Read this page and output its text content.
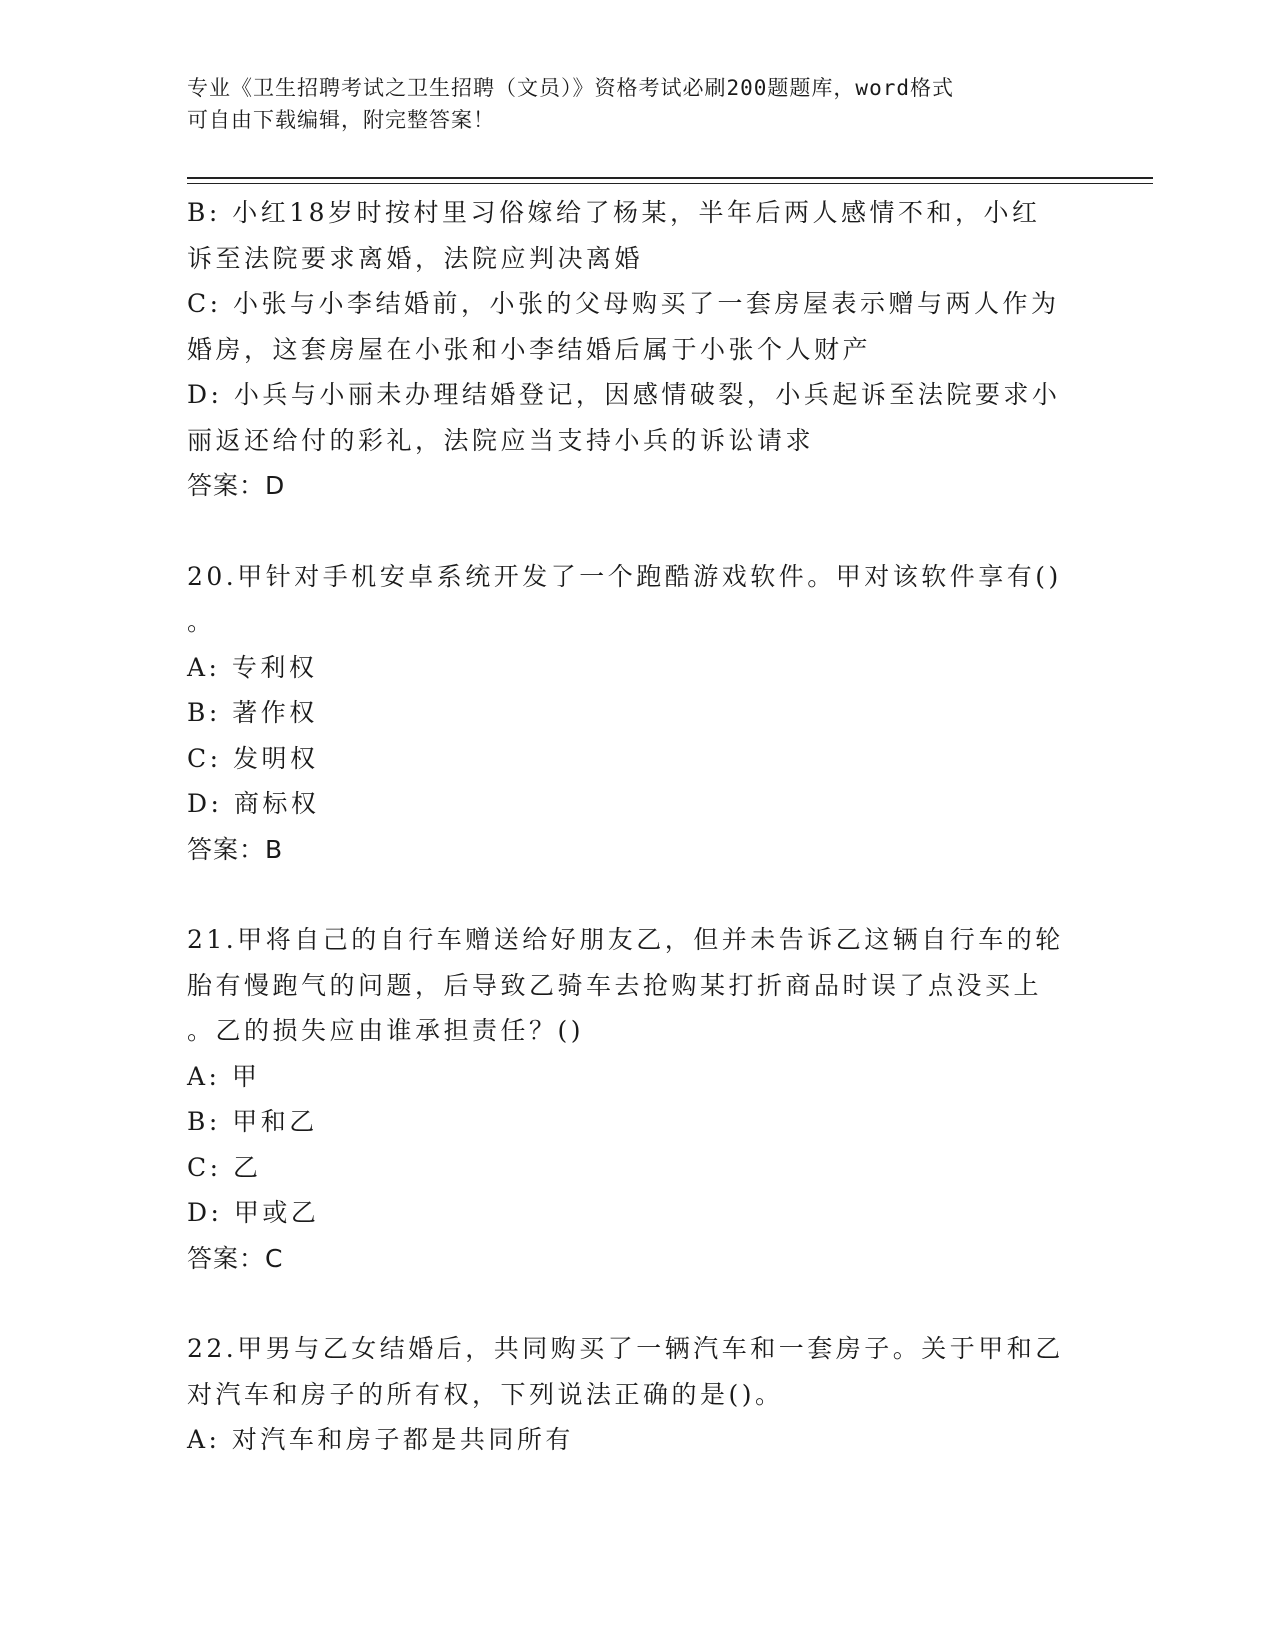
专业《卫生招聘考试之卫生招聘（文员）》资格考试必刷200题题库，word格式
可自由下载编辑，附完整答案！
B: 小红18岁时按村里习俗嫁给了杨某，半年后两人感情不和，小红
诉至法院要求离婚，法院应判决离婚
C: 小张与小李结婚前，小张的父母购买了一套房屋表示赠与两人作为
婚房，这套房屋在小张和小李结婚后属于小张个人财产
D: 小兵与小丽未办理结婚登记，因感情破裂，小兵起诉至法院要求小
丽返还给付的彩礼，法院应当支持小兵的诉讼请求
答案：D
20.甲针对手机安卓系统开发了一个跑酷游戏软件。甲对该软件享有()
。
A: 专利权
B: 著作权
C: 发明权
D: 商标权
答案：B
21.甲将自己的自行车赠送给好朋友乙，但并未告诉乙这辆自行车的轮
胎有慢跑气的问题，后导致乙骑车去抢购某打折商品时误了点没买上
。乙的损失应由谁承担责任？()
A: 甲
B: 甲和乙
C: 乙
D: 甲或乙
答案：C
22.甲男与乙女结婚后，共同购买了一辆汽车和一套房子。关于甲和乙
对汽车和房子的所有权，下列说法正确的是()。
A: 对汽车和房子都是共同所有
